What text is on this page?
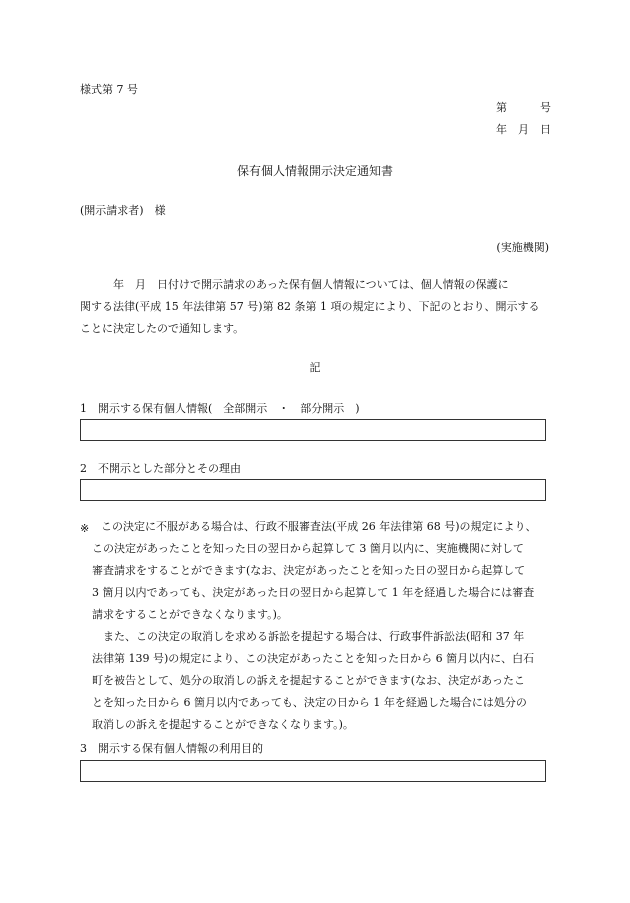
様式第 7 号
第	号
年 月 日
保有個人情報開示決定通知書
(開示請求者)　様
(実施機関)

　　　年　月　日付けで開示請求のあった保有個人情報については、個人情報の保護に

関する法律(平成 15 年法律第 57 号)第 82 条第 1 項の規定により、下記のとおり、開示する

ことに決定したので通知します。

記
1　開示する保有個人情報(　全部開示　・　部分開示　)
2　不開示とした部分とその理由
※	この決定に不服がある場合は、行政不服審査法(平成 26 年法律第 68 号)の規定により、

この決定があったことを知った日の翌日から起算して 3 箇月以内に、実施機関に対して

審査請求をすることができます(なお、決定があったことを知った日の翌日から起算して

3 箇月以内であっても、決定があった日の翌日から起算して 1 年を経過した場合には審査

請求をすることができなくなります。)。

　また、この決定の取消しを求める訴訟を提起する場合は、行政事件訴訟法(昭和 37 年

法律第 139 号)の規定により、この決定があったことを知った日から 6 箇月以内に、白石

町を被告として、処分の取消しの訴えを提起することができます(なお、決定があったこ

とを知った日から 6 箇月以内であっても、決定の日から 1 年を経過した場合には処分の

取消しの訴えを提起することができなくなります。)。

3　開示する保有個人情報の利用目的
